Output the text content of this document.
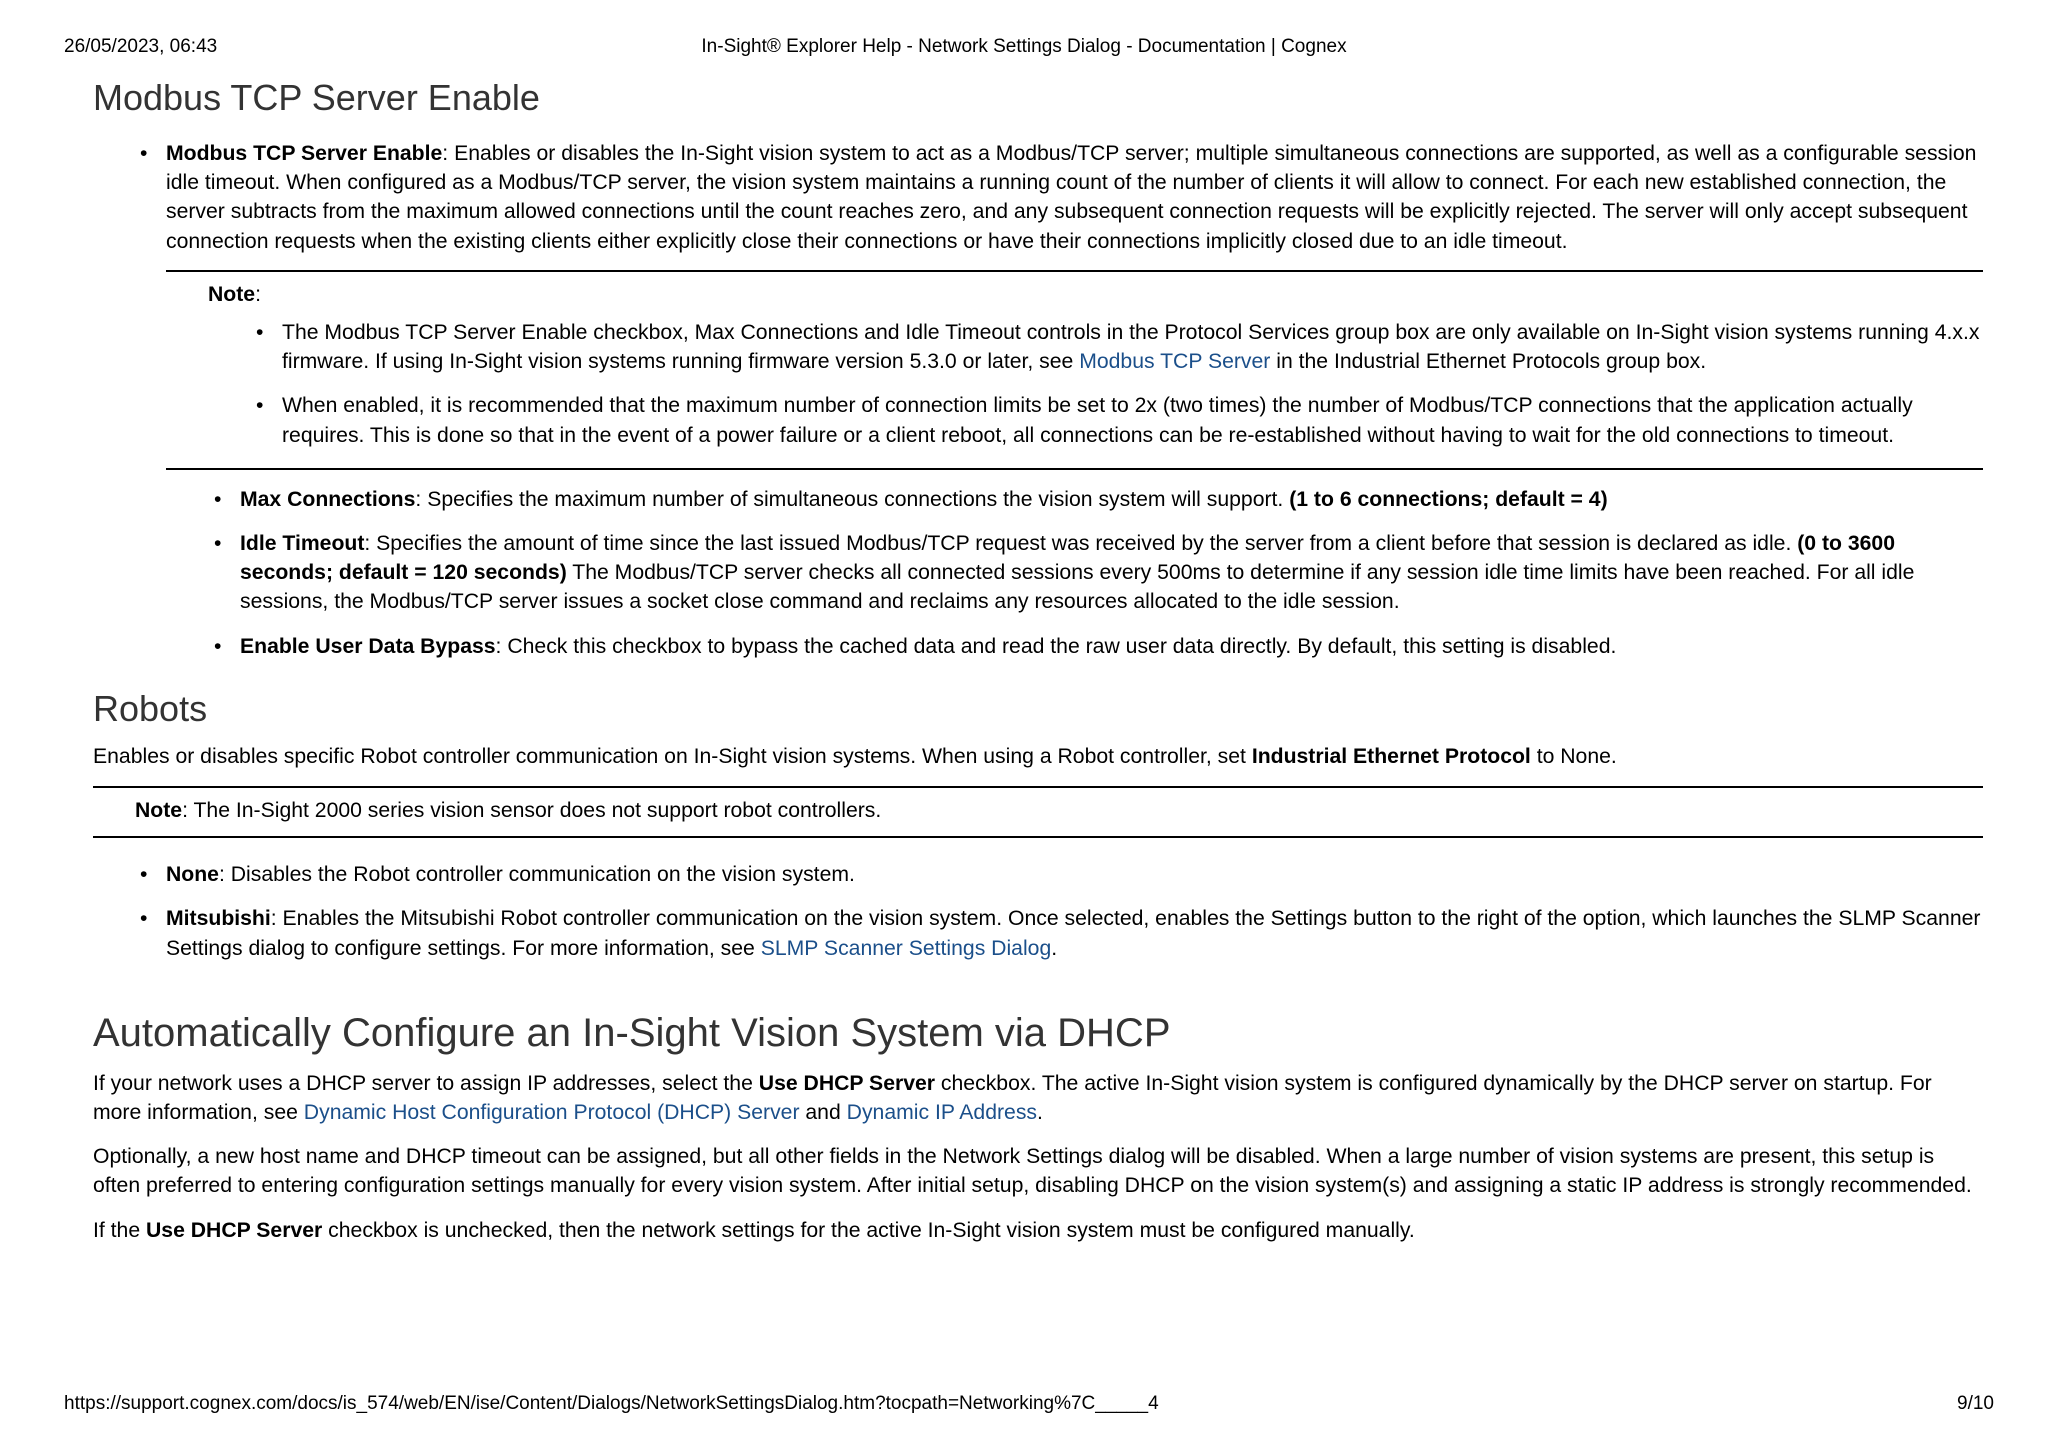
26/05/2023, 06:43	In-Sight® Explorer Help - Network Settings Dialog - Documentation | Cognex
Modbus TCP Server Enable
• Modbus TCP Server Enable: Enables or disables the In-Sight vision system to act as a Modbus/TCP server; multiple simultaneous connections are supported, as well as a configurable session idle timeout. When configured as a Modbus/TCP server, the vision system maintains a running count of the number of clients it will allow to connect. For each new established connection, the server subtracts from the maximum allowed connections until the count reaches zero, and any subsequent connection requests will be explicitly rejected. The server will only accept subsequent connection requests when the existing clients either explicitly close their connections or have their connections implicitly closed due to an idle timeout.
Note:
• The Modbus TCP Server Enable checkbox, Max Connections and Idle Timeout controls in the Protocol Services group box are only available on In-Sight vision systems running 4.x.x firmware. If using In-Sight vision systems running firmware version 5.3.0 or later, see Modbus TCP Server in the Industrial Ethernet Protocols group box.
• When enabled, it is recommended that the maximum number of connection limits be set to 2x (two times) the number of Modbus/TCP connections that the application actually requires. This is done so that in the event of a power failure or a client reboot, all connections can be re-established without having to wait for the old connections to timeout.
• Max Connections: Specifies the maximum number of simultaneous connections the vision system will support. (1 to 6 connections; default = 4)
• Idle Timeout: Specifies the amount of time since the last issued Modbus/TCP request was received by the server from a client before that session is declared as idle. (0 to 3600 seconds; default = 120 seconds) The Modbus/TCP server checks all connected sessions every 500ms to determine if any session idle time limits have been reached. For all idle sessions, the Modbus/TCP server issues a socket close command and reclaims any resources allocated to the idle session.
• Enable User Data Bypass: Check this checkbox to bypass the cached data and read the raw user data directly. By default, this setting is disabled.
Robots

Enables or disables specific Robot controller communication on In-Sight vision systems. When using a Robot controller, set Industrial Ethernet Protocol to None.

Note: The In-Sight 2000 series vision sensor does not support robot controllers.
• None: Disables the Robot controller communication on the vision system.
• Mitsubishi: Enables the Mitsubishi Robot controller communication on the vision system. Once selected, enables the Settings button to the right of the option, which launches the SLMP Scanner Settings dialog to configure settings. For more information, see SLMP Scanner Settings Dialog.
Automatically Configure an In-Sight Vision System via DHCP

If your network uses a DHCP server to assign IP addresses, select the Use DHCP Server checkbox. The active In-Sight vision system is configured dynamically by the DHCP server on startup. For more information, see Dynamic Host Configuration Protocol (DHCP) Server and Dynamic IP Address.

Optionally, a new host name and DHCP timeout can be assigned, but all other fields in the Network Settings dialog will be disabled. When a large number of vision systems are present, this setup is often preferred to entering configuration settings manually for every vision system. After initial setup, disabling DHCP on the vision system(s) and assigning a static IP address is strongly recommended.

If the Use DHCP Server checkbox is unchecked, then the network settings for the active In-Sight vision system must be configured manually.

https://support.cognex.com/docs/is_574/web/EN/ise/Content/Dialogs/NetworkSettingsDialog.htm?tocpath=Networking%7C_____4	9/10
